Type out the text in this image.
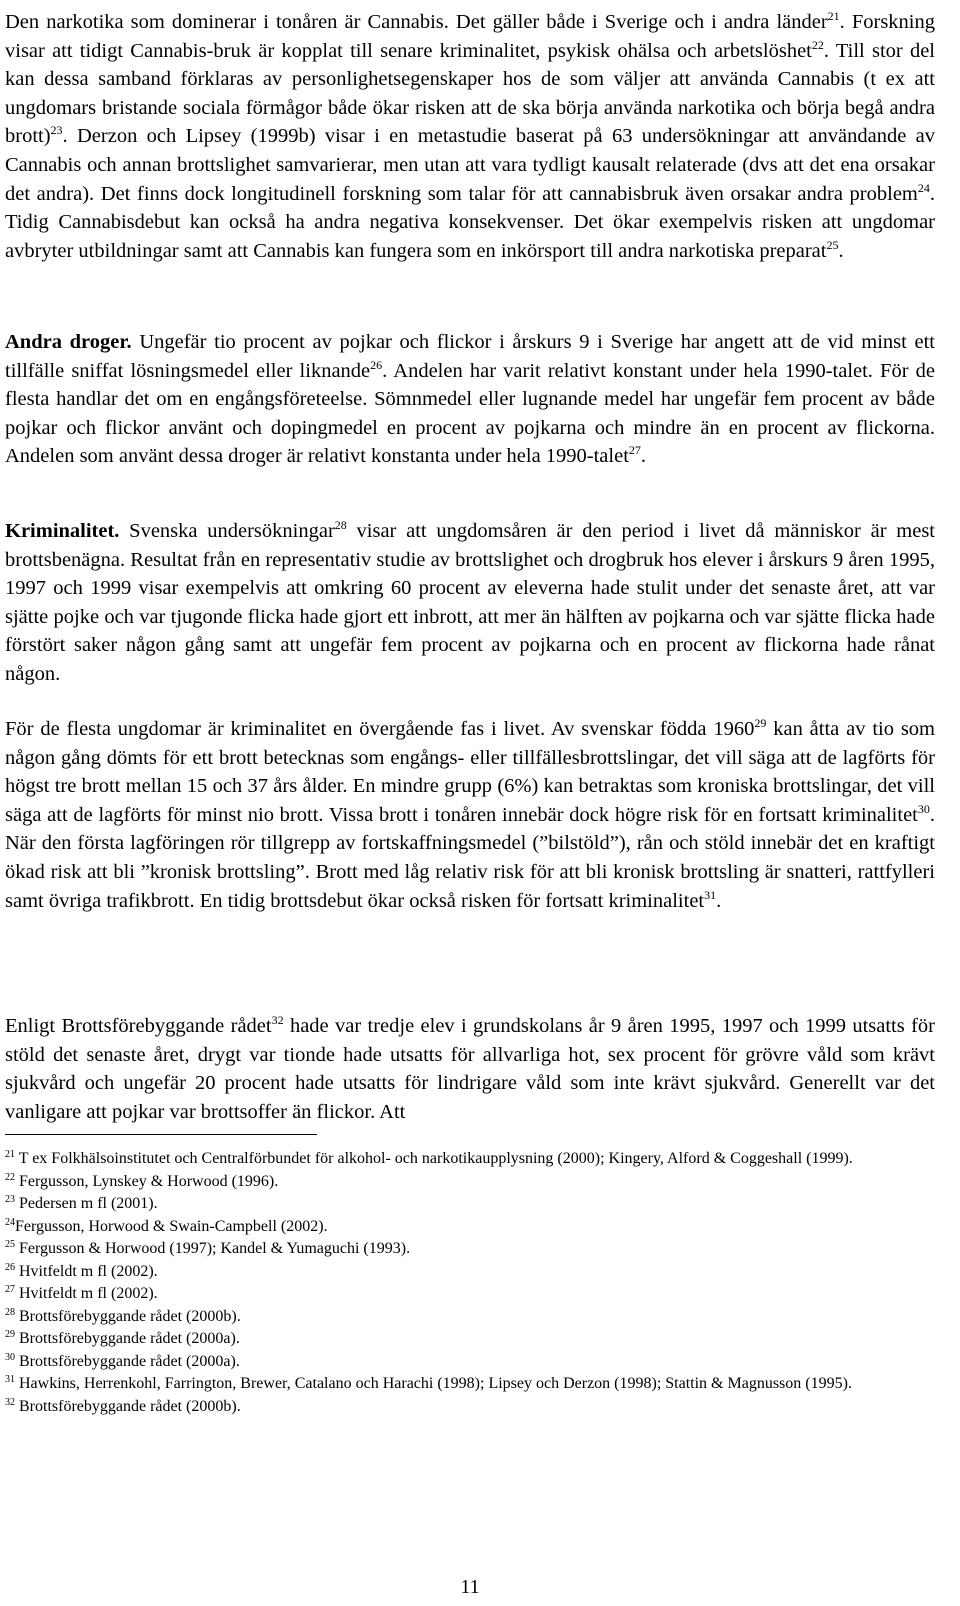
Den narkotika som dominerar i tonåren är Cannabis. Det gäller både i Sverige och i andra länder$^{21}$. Forskning visar att tidigt Cannabis-bruk är kopplat till senare kriminalitet, psykisk ohälsa och arbetslöshet$^{22}$. Till stor del kan dessa samband förklaras av personlighetsegenskaper hos de som väljer att använda Cannabis (t ex att ungdomars bristande sociala förmågor både ökar risken att de ska börja använda narkotika och börja begå andra brott)$^{23}$. Derzon och Lipsey (1999b) visar i en metastudie baserat på 63 undersökningar att användande av Cannabis och annan brottslighet samvarierar, men utan att vara tydligt kausalt relaterade (dvs att det ena orsakar det andra). Det finns dock longitudinell forskning som talar för att cannabisbruk även orsakar andra problem$^{24}$. Tidig Cannabisdebut kan också ha andra negativa konsekvenser. Det ökar exempelvis risken att ungdomar avbryter utbildningar samt att Cannabis kan fungera som en inkörsport till andra narkotiska preparat$^{25}$.

Andra droger. Ungefär tio procent av pojkar och flickor i årskurs 9 i Sverige har angett att de vid minst ett tillfälle sniffat lösningsmedel eller liknande$^{26}$. Andelen har varit relativt konstant under hela 1990-talet. För de flesta handlar det om en engångsföreteelse. Sömnmedel eller lugnande medel har ungefär fem procent av både pojkar och flickor använt och dopingmedel en procent av pojkarna och mindre än en procent av flickorna. Andelen som använt dessa droger är relativt konstanta under hela 1990-talet$^{27}$.

Kriminalitet. Svenska undersökningar$^{28}$ visar att ungdomsåren är den period i livet då människor är mest brottsbenägna. Resultat från en representativ studie av brottslighet och drogbruk hos elever i årskurs 9 åren 1995, 1997 och 1999 visar exempelvis att omkring 60 procent av eleverna hade stulit under det senaste året, att var sjätte pojke och var tjugonde flicka hade gjort ett inbrott, att mer än hälften av pojkarna och var sjätte flicka hade förstört saker någon gång samt att ungefär fem procent av pojkarna och en procent av flickorna hade rånat någon.

För de flesta ungdomar är kriminalitet en övergående fas i livet. Av svenskar födda 1960$^{29}$ kan åtta av tio som någon gång dömts för ett brott betecknas som engångs- eller tillfällesbrottslingar, det vill säga att de lagförts för högst tre brott mellan 15 och 37 års ålder. En mindre grupp (6%) kan betraktas som kroniska brottslingar, det vill säga att de lagförts för minst nio brott. Vissa brott i tonåren innebär dock högre risk för en fortsatt kriminalitet$^{30}$. När den första lagföringen rör tillgrepp av fortskaffningsmedel (”bilstöld”), rån och stöld innebär det en kraftigt ökad risk att bli ”kronisk brottsling”. Brott med låg relativ risk för att bli kronisk brottsling är snatteri, rattfylleri samt övriga trafikbrott. En tidig brottsdebut ökar också risken för fortsatt kriminalitet$^{31}$.

Enligt Brottsförebyggande rådet$^{32}$ hade var tredje elev i grundskolans år 9 åren 1995, 1997 och 1999 utsatts för stöld det senaste året, drygt var tionde hade utsatts för allvarliga hot, sex procent för grövre våld som krävt sjukvård och ungefär 20 procent hade utsatts för lindrigare våld som inte krävt sjukvård. Generellt var det vanligare att pojkar var brottsoffer än flickor. Att

$^{21}$ T ex Folkhälsoinstitutet och Centralförbundet för alkohol- och narkotikaupplysning (2000); Kingery, Alford & Coggeshall (1999).

$^{22}$ Fergusson, Lynskey & Horwood (1996).

$^{23}$ Pedersen m fl (2001).

$^{24}$Fergusson, Horwood & Swain-Campbell (2002).

$^{25}$ Fergusson & Horwood (1997); Kandel & Yumaguchi (1993).

$^{26}$ Hvitfeldt m fl (2002).

$^{27}$ Hvitfeldt m fl (2002).

$^{28}$ Brottsförebyggande rådet (2000b).

$^{29}$ Brottsförebyggande rådet (2000a).

$^{30}$ Brottsförebyggande rådet (2000a).

$^{31}$ Hawkins, Herrenkohl, Farrington, Brewer, Catalano och Harachi (1998); Lipsey och Derzon (1998); Stattin & Magnusson (1995).

$^{32}$ Brottsförebyggande rådet (2000b).

11
